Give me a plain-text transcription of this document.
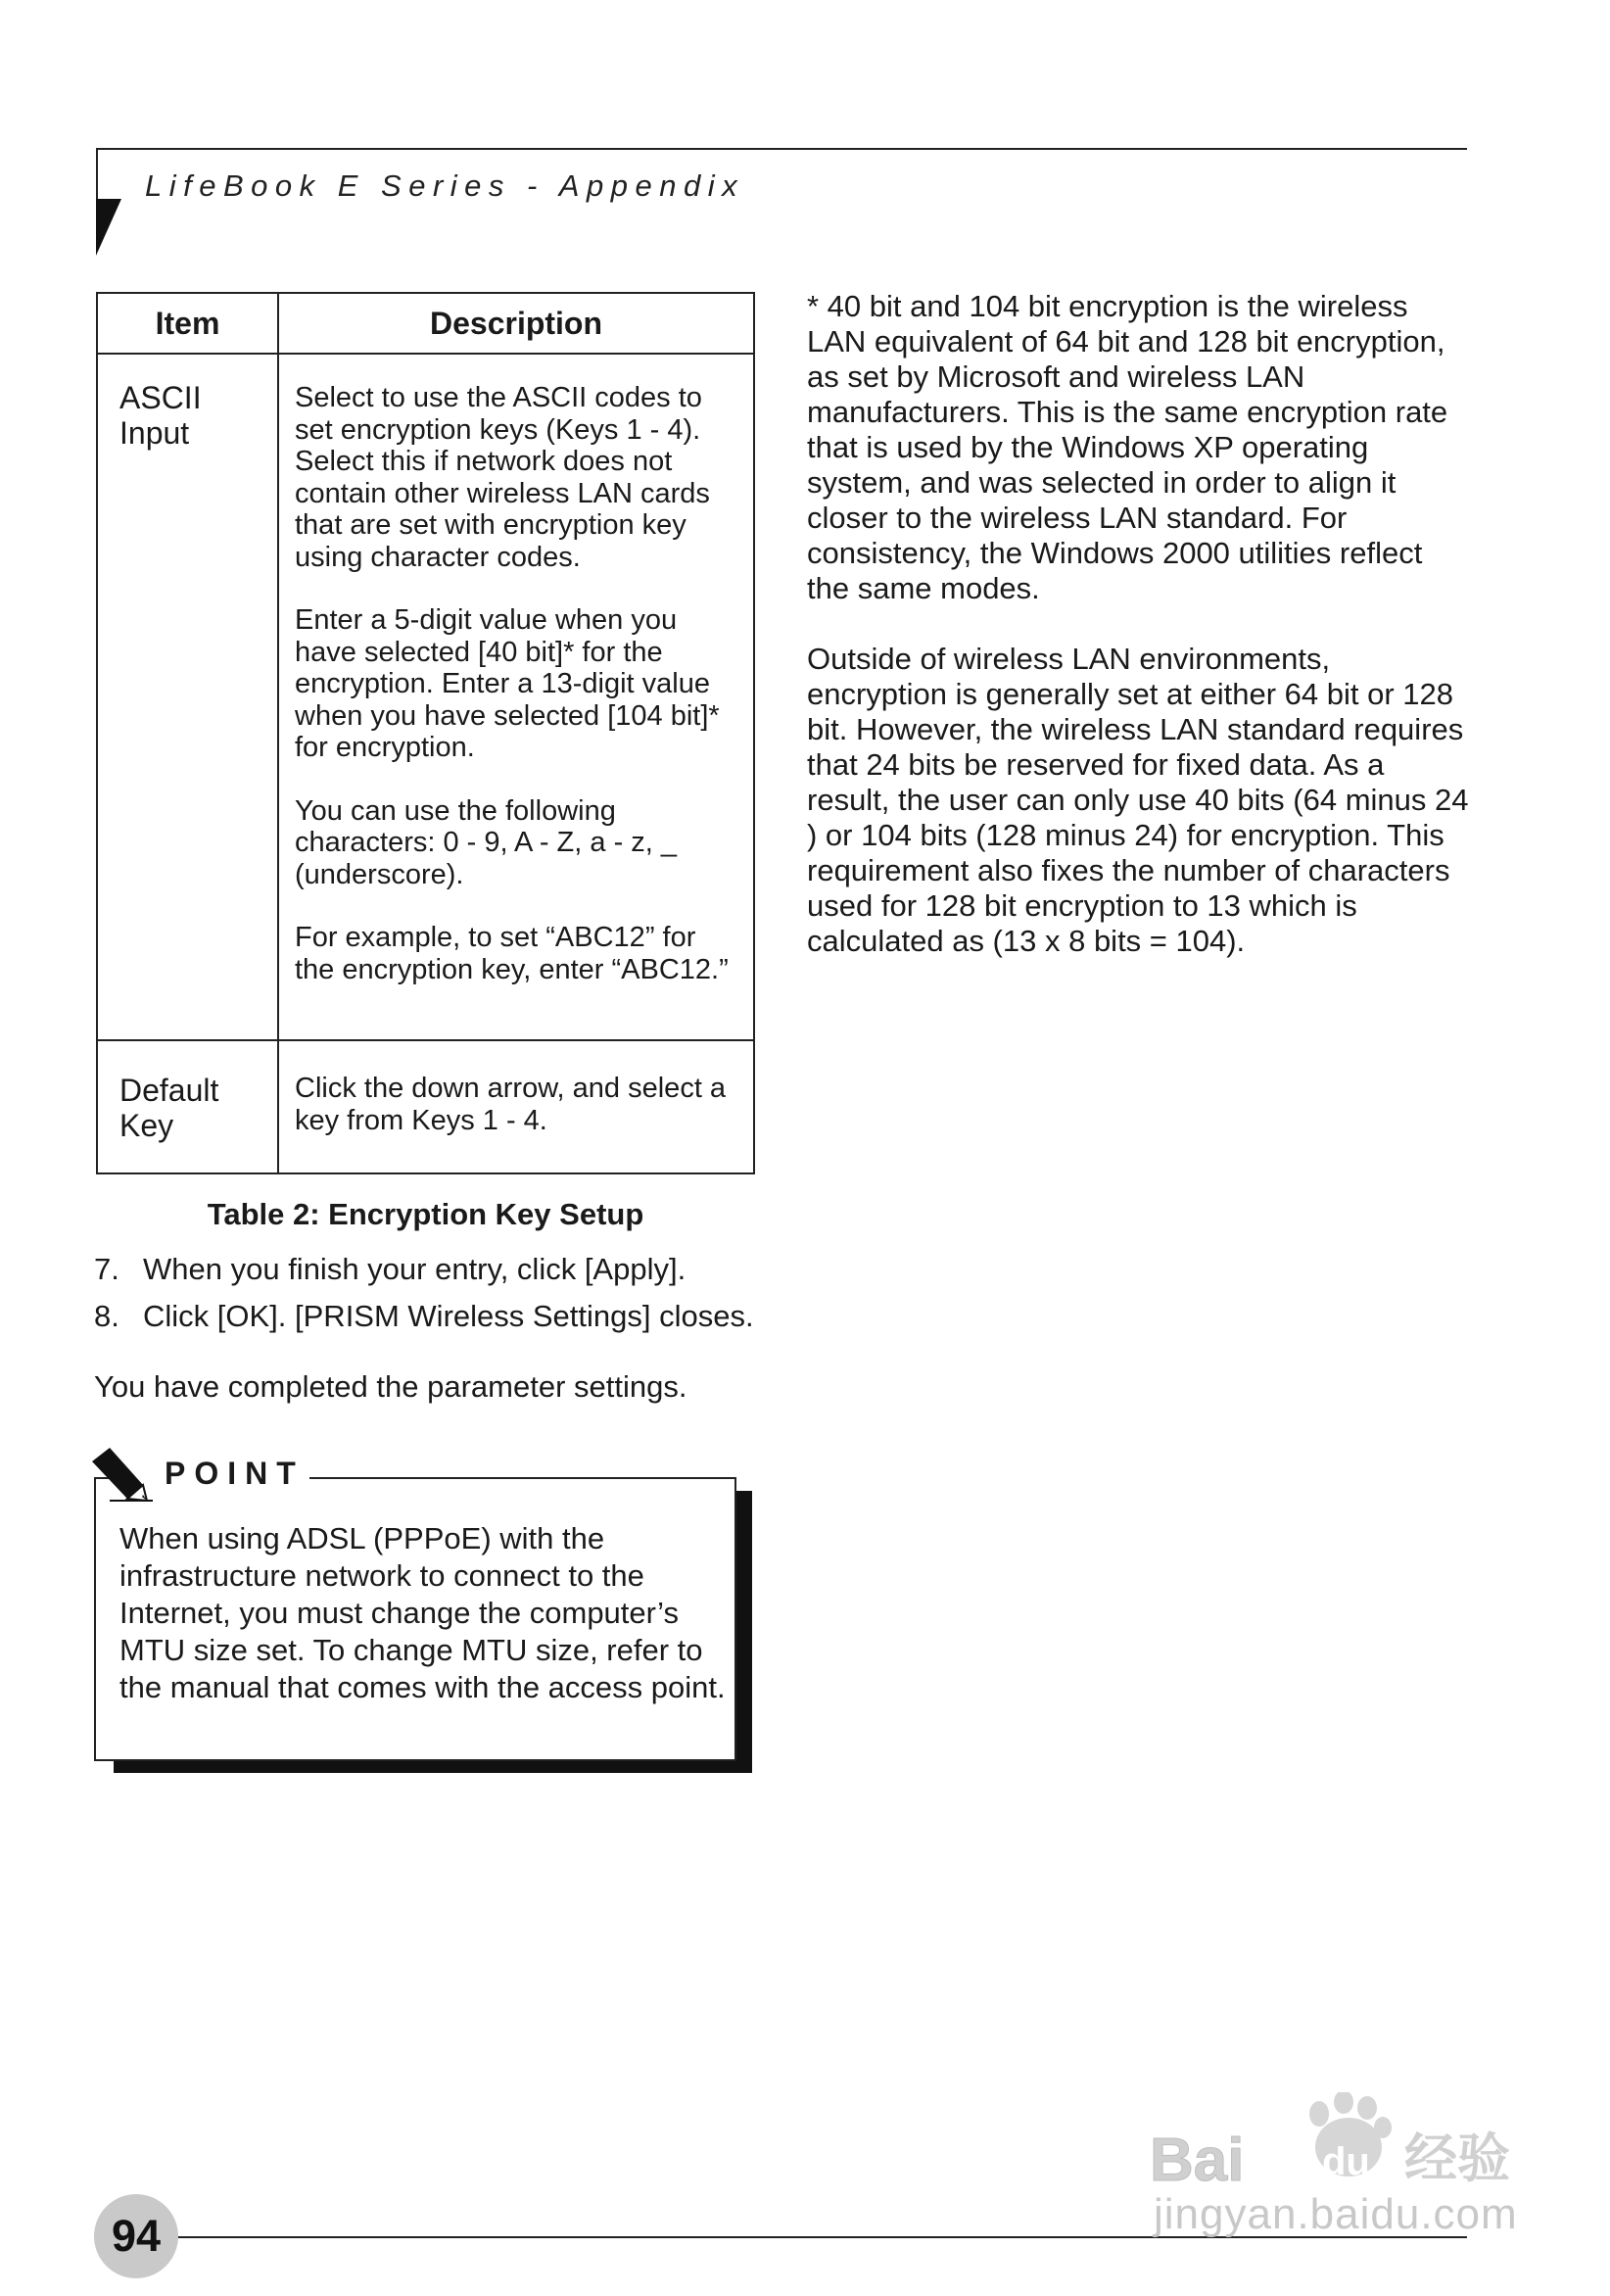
LifeBook E Series - Appendix
Item	Description
ASCII Input

Select to use the ASCII codes to set encryption keys (Keys 1 - 4). Select this if network does not contain other wireless LAN cards that are set with encryption key using character codes.

Enter a 5-digit value when you have selected [40 bit]* for the encryption. Enter a 13-digit value when you have selected [104 bit]* for encryption.

You can use the following characters: 0 - 9, A - Z, a - z, _ (underscore).

For example, to set “ABC12” for the encryption key, enter “ABC12.”

Default Key

Click the down arrow, and select a key from Keys 1 - 4.

Table 2: Encryption Key Setup
7. When you finish your entry, click [Apply].
8. Click [OK]. [PRISM Wireless Settings] closes.
You have completed the parameter settings.
POINT
When using ADSL (PPPoE) with the infrastructure network to connect to the Internet, you must change the computer’s MTU size set. To change MTU size, refer to the manual that comes with the access point.

* 40 bit and 104 bit encryption is the wireless LAN equivalent of 64 bit and 128 bit encryption, as set by Microsoft and wireless LAN manufacturers. This is the same encryption rate that is used by the Windows XP operating system, and was selected in order to align it closer to the wireless LAN standard. For consistency, the Windows 2000 utilities reflect the same modes.

Outside of wireless LAN environments, encryption is generally set at either 64 bit or 128 bit. However, the wireless LAN standard requires that 24 bits be reserved for fixed data. As a result, the user can only use 40 bits (64 minus 24 ) or 104 bits (128 minus 24) for encryption. This requirement also fixes the number of characters used for 128 bit encryption to 13 which is calculated as (13 x 8 bits = 104).

94
Bai du 经验
jingyan.baidu.com
